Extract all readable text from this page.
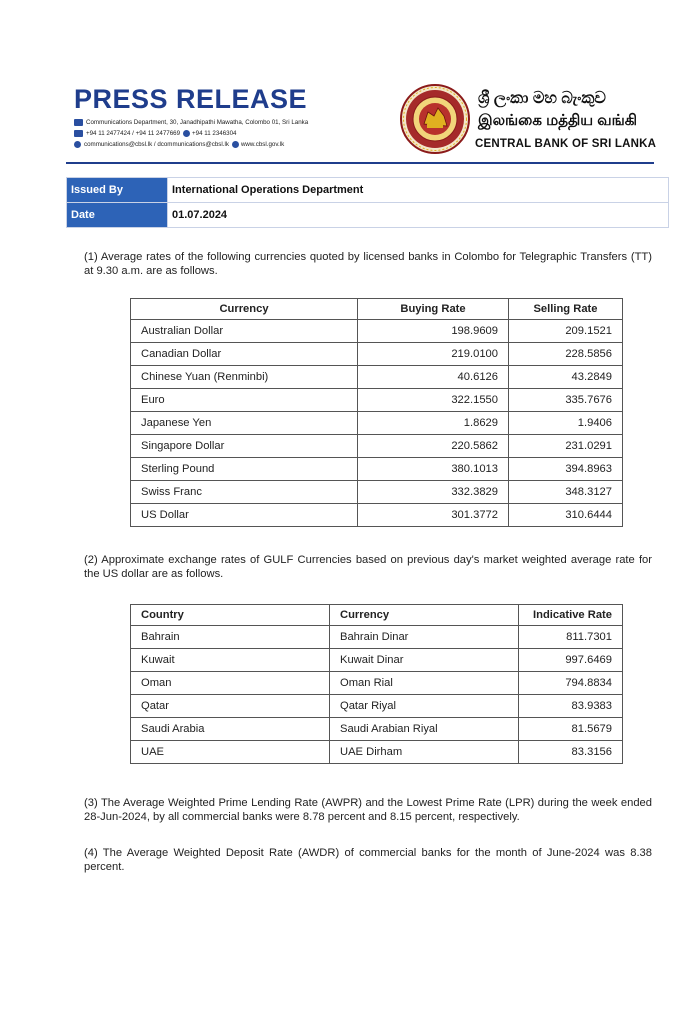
PRESS RELEASE
Communications Department, 30, Janadhipathi Mawatha, Colombo 01, Sri Lanka
+94 11 2477424 / +94 11 2477669 +94 11 2346304
communications@cbsl.lk / dcommunications@cbsl.lk www.cbsl.gov.lk
ශ්‍රී ලංකා මහ බැංකුව
இலங்கை மத்திய வங்கி
CENTRAL BANK OF SRI LANKA
Issued By	International Operations Department
Date	01.07.2024
(1) Average rates of the following currencies quoted by licensed banks in Colombo for Telegraphic Transfers (TT) at 9.30 a.m. are as follows.
Currency	Buying Rate	Selling Rate
Australian Dollar	198.9609	209.1521
Canadian Dollar	219.0100	228.5856
Chinese Yuan (Renminbi)	40.6126	43.2849
Euro	322.1550	335.7676
Japanese Yen	1.8629	1.9406
Singapore Dollar	220.5862	231.0291
Sterling Pound	380.1013	394.8963
Swiss Franc	332.3829	348.3127
US Dollar	301.3772	310.6444
(2) Approximate exchange rates of GULF Currencies based on previous day's market weighted average rate for the US dollar are as follows.
Country	Currency	Indicative Rate
Bahrain	Bahrain Dinar	811.7301
Kuwait	Kuwait Dinar	997.6469
Oman	Oman Rial	794.8834
Qatar	Qatar Riyal	83.9383
Saudi Arabia	Saudi Arabian Riyal	81.5679
UAE	UAE Dirham	83.3156
(3) The Average Weighted Prime Lending Rate (AWPR) and the Lowest Prime Rate (LPR) during the week ended 28-Jun-2024, by all commercial banks were 8.78 percent and 8.15 percent, respectively.
(4) The Average Weighted Deposit Rate (AWDR) of commercial banks for the month of June-2024 was 8.38 percent.
